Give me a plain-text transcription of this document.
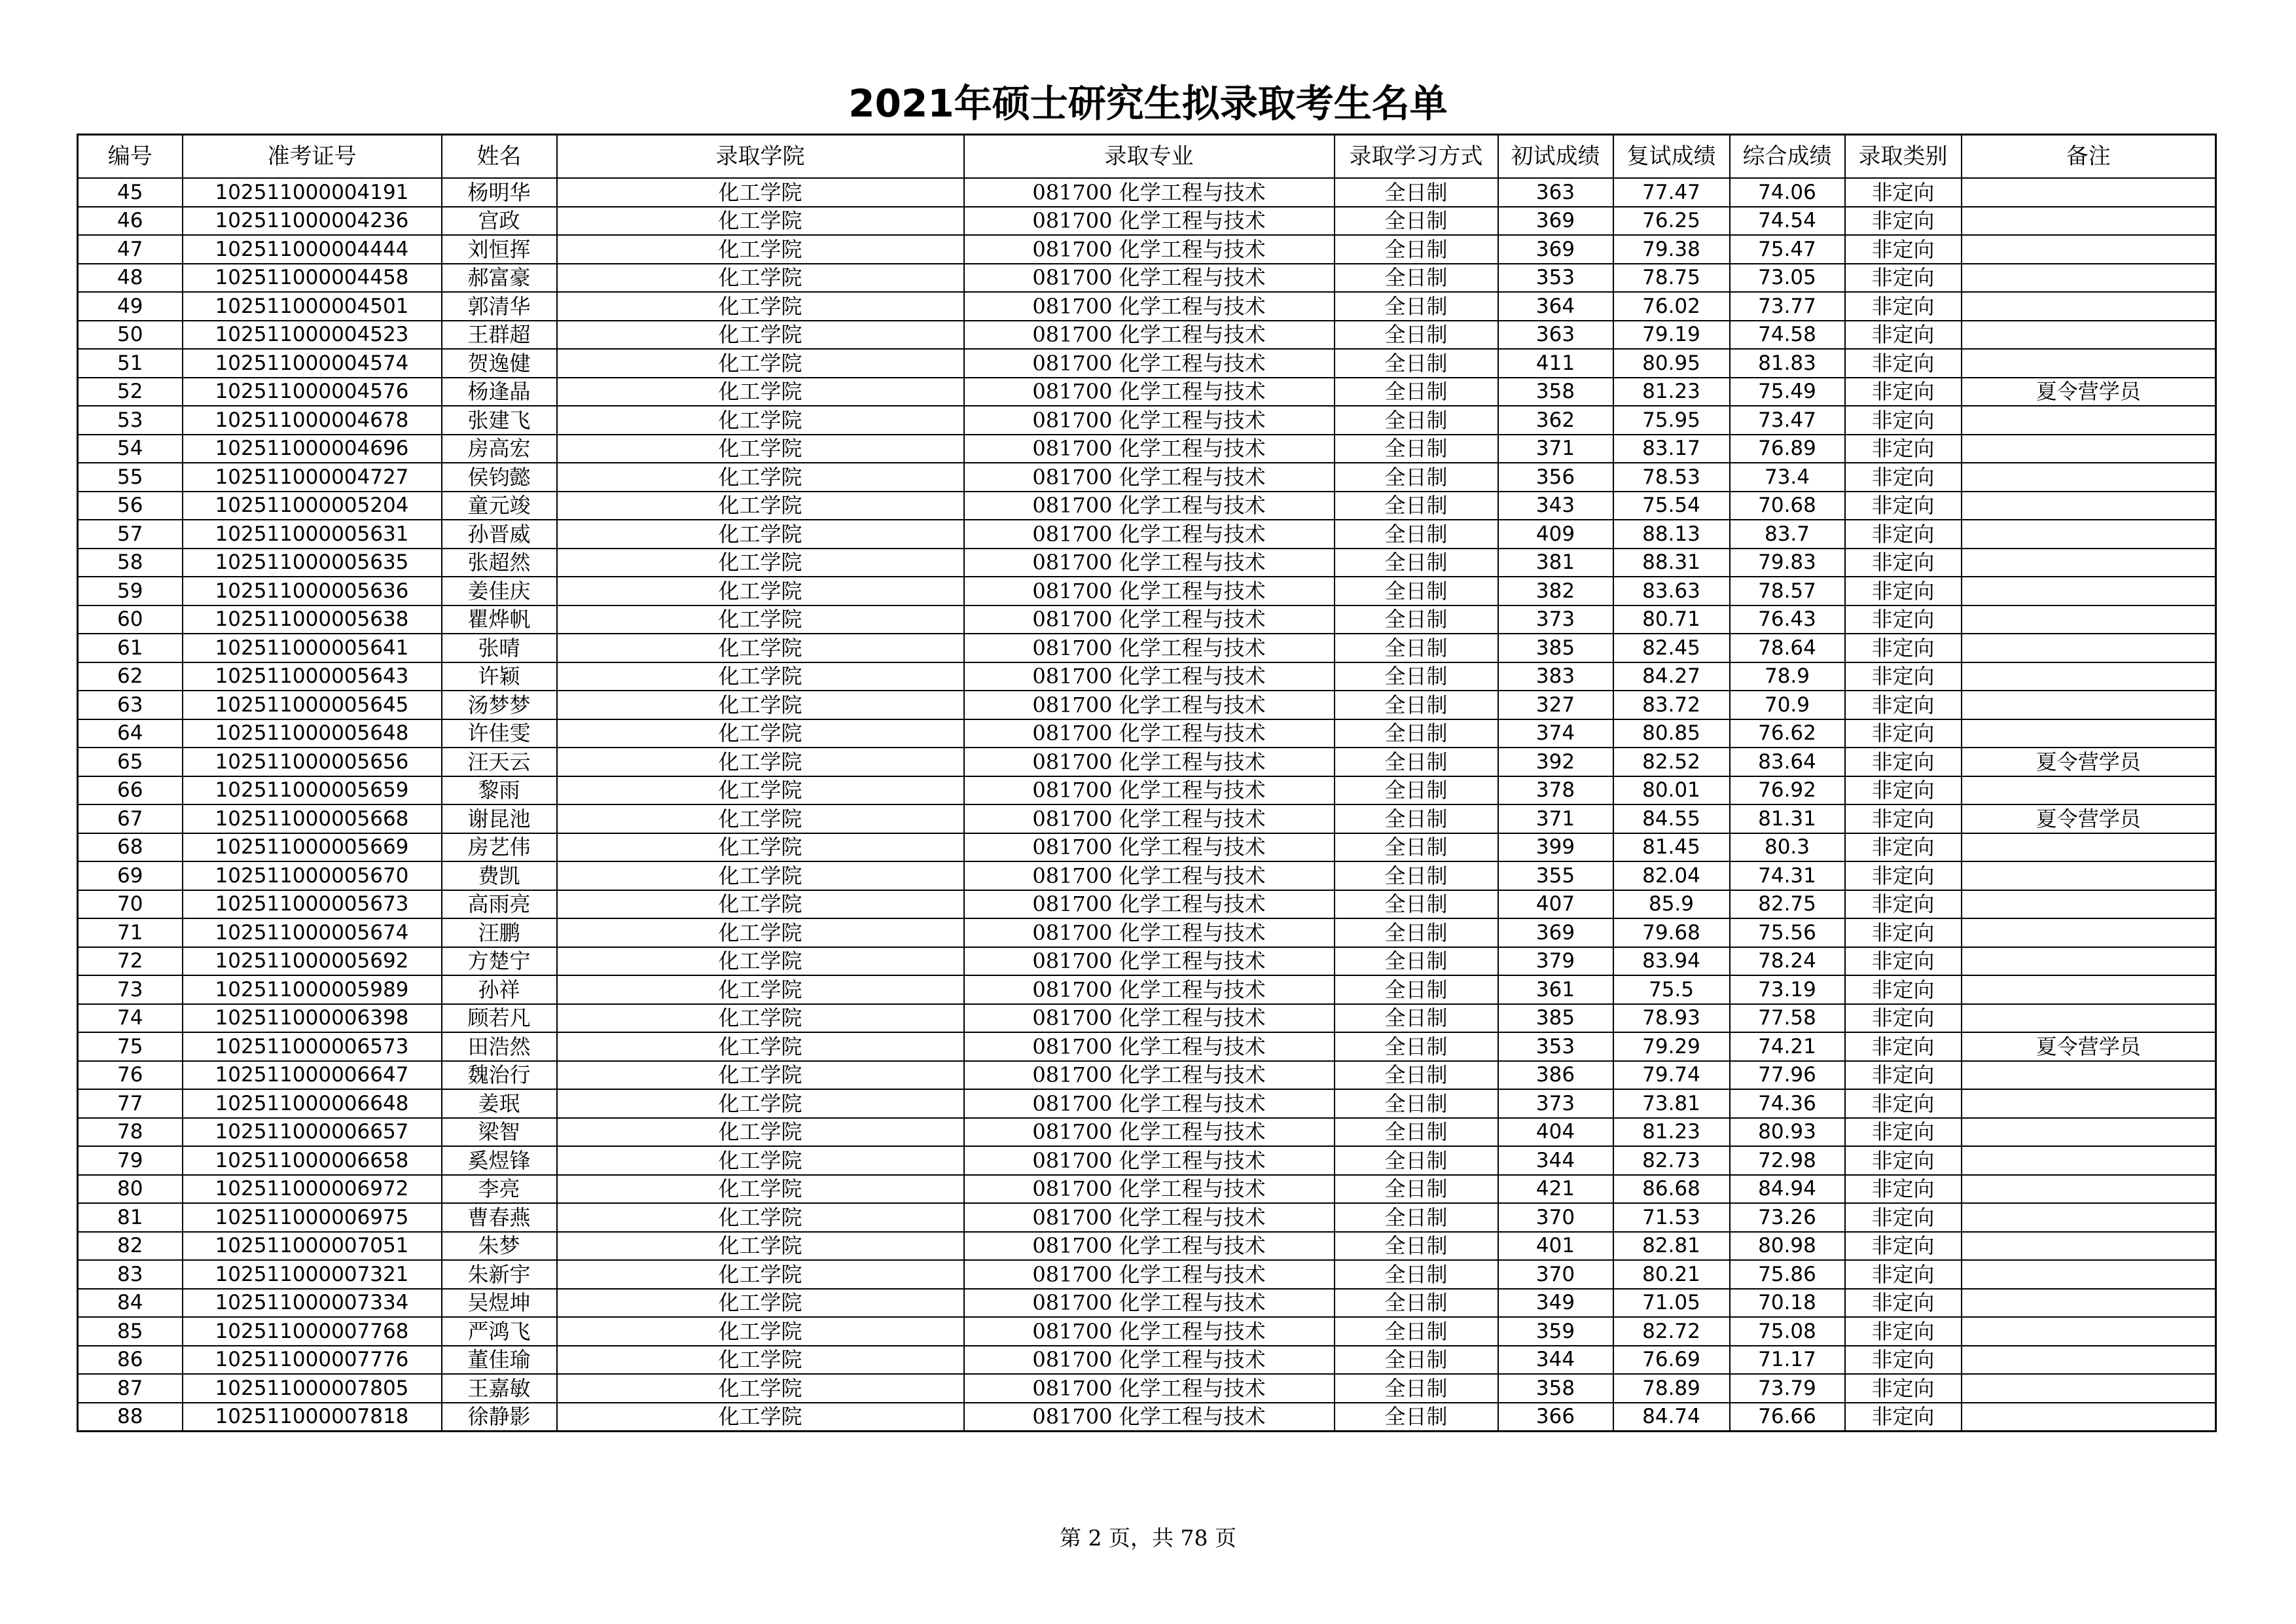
2021年硕士研究生拟录取考生名单
编号	准考证号	姓名	录取学院	录取专业	录取学习方式	初试成绩	复试成绩	综合成绩	录取类别	备注
45	102511000004191	杨明华	化工学院	081700 化学工程与技术	全日制	363	77.47	74.06	非定向	
46	102511000004236	宫政	化工学院	081700 化学工程与技术	全日制	369	76.25	74.54	非定向	
47	102511000004444	刘恒挥	化工学院	081700 化学工程与技术	全日制	369	79.38	75.47	非定向	
48	102511000004458	郝富豪	化工学院	081700 化学工程与技术	全日制	353	78.75	73.05	非定向	
49	102511000004501	郭清华	化工学院	081700 化学工程与技术	全日制	364	76.02	73.77	非定向	
50	102511000004523	王群超	化工学院	081700 化学工程与技术	全日制	363	79.19	74.58	非定向	
51	102511000004574	贺逸健	化工学院	081700 化学工程与技术	全日制	411	80.95	81.83	非定向	
52	102511000004576	杨逢晶	化工学院	081700 化学工程与技术	全日制	358	81.23	75.49	非定向	夏令营学员
53	102511000004678	张建飞	化工学院	081700 化学工程与技术	全日制	362	75.95	73.47	非定向	
54	102511000004696	房高宏	化工学院	081700 化学工程与技术	全日制	371	83.17	76.89	非定向	
55	102511000004727	侯钧懿	化工学院	081700 化学工程与技术	全日制	356	78.53	73.4	非定向	
56	102511000005204	童元竣	化工学院	081700 化学工程与技术	全日制	343	75.54	70.68	非定向	
57	102511000005631	孙晋威	化工学院	081700 化学工程与技术	全日制	409	88.13	83.7	非定向	
58	102511000005635	张超然	化工学院	081700 化学工程与技术	全日制	381	88.31	79.83	非定向	
59	102511000005636	姜佳庆	化工学院	081700 化学工程与技术	全日制	382	83.63	78.57	非定向	
60	102511000005638	瞿烨帆	化工学院	081700 化学工程与技术	全日制	373	80.71	76.43	非定向	
61	102511000005641	张晴	化工学院	081700 化学工程与技术	全日制	385	82.45	78.64	非定向	
62	102511000005643	许颖	化工学院	081700 化学工程与技术	全日制	383	84.27	78.9	非定向	
63	102511000005645	汤梦梦	化工学院	081700 化学工程与技术	全日制	327	83.72	70.9	非定向	
64	102511000005648	许佳雯	化工学院	081700 化学工程与技术	全日制	374	80.85	76.62	非定向	
65	102511000005656	汪天云	化工学院	081700 化学工程与技术	全日制	392	82.52	83.64	非定向	夏令营学员
66	102511000005659	黎雨	化工学院	081700 化学工程与技术	全日制	378	80.01	76.92	非定向	
67	102511000005668	谢昆池	化工学院	081700 化学工程与技术	全日制	371	84.55	81.31	非定向	夏令营学员
68	102511000005669	房艺伟	化工学院	081700 化学工程与技术	全日制	399	81.45	80.3	非定向	
69	102511000005670	费凯	化工学院	081700 化学工程与技术	全日制	355	82.04	74.31	非定向	
70	102511000005673	高雨亮	化工学院	081700 化学工程与技术	全日制	407	85.9	82.75	非定向	
71	102511000005674	汪鹏	化工学院	081700 化学工程与技术	全日制	369	79.68	75.56	非定向	
72	102511000005692	方楚宁	化工学院	081700 化学工程与技术	全日制	379	83.94	78.24	非定向	
73	102511000005989	孙祥	化工学院	081700 化学工程与技术	全日制	361	75.5	73.19	非定向	
74	102511000006398	顾若凡	化工学院	081700 化学工程与技术	全日制	385	78.93	77.58	非定向	
75	102511000006573	田浩然	化工学院	081700 化学工程与技术	全日制	353	79.29	74.21	非定向	夏令营学员
76	102511000006647	魏治行	化工学院	081700 化学工程与技术	全日制	386	79.74	77.96	非定向	
77	102511000006648	姜珉	化工学院	081700 化学工程与技术	全日制	373	73.81	74.36	非定向	
78	102511000006657	梁智	化工学院	081700 化学工程与技术	全日制	404	81.23	80.93	非定向	
79	102511000006658	奚煜锋	化工学院	081700 化学工程与技术	全日制	344	82.73	72.98	非定向	
80	102511000006972	李亮	化工学院	081700 化学工程与技术	全日制	421	86.68	84.94	非定向	
81	102511000006975	曹春燕	化工学院	081700 化学工程与技术	全日制	370	71.53	73.26	非定向	
82	102511000007051	朱梦	化工学院	081700 化学工程与技术	全日制	401	82.81	80.98	非定向	
83	102511000007321	朱新宇	化工学院	081700 化学工程与技术	全日制	370	80.21	75.86	非定向	
84	102511000007334	吴煜坤	化工学院	081700 化学工程与技术	全日制	349	71.05	70.18	非定向	
85	102511000007768	严鸿飞	化工学院	081700 化学工程与技术	全日制	359	82.72	75.08	非定向	
86	102511000007776	董佳瑜	化工学院	081700 化学工程与技术	全日制	344	76.69	71.17	非定向	
87	102511000007805	王嘉敏	化工学院	081700 化学工程与技术	全日制	358	78.89	73.79	非定向	
88	102511000007818	徐静影	化工学院	081700 化学工程与技术	全日制	366	84.74	76.66	非定向	
第 2 页，共 78 页
